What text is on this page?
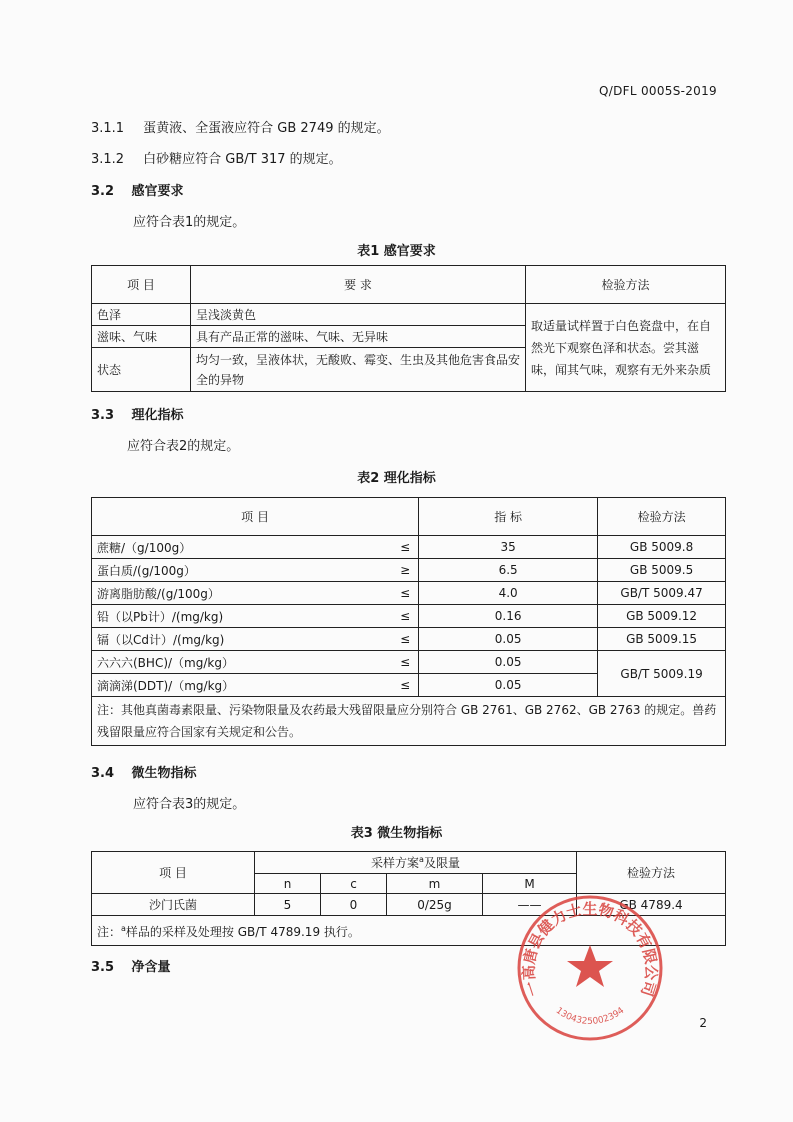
Q/DFL 0005S-2019
3.1.1 蛋黄液、全蛋液应符合 GB 2749 的规定。
3.1.2 白砂糖应符合 GB/T 317 的规定。
3.2 感官要求
应符合表1的规定。
表1 感官要求
项 目	要 求	检验方法
色泽	呈浅淡黄色	取适量试样置于白色瓷盘中，在自然光下观察色泽和状态。尝其滋味，闻其气味，观察有无外来杂质
滋味、气味	具有产品正常的滋味、气味、无异味	
状态	均匀一致，呈液体状，无酸败、霉变、生虫及其他危害食品安全的异物	
3.3 理化指标
应符合表2的规定。
表2 理化指标
项 目		指 标	检验方法
蔗糖/（g/100g）	≤	35	GB 5009.8
蛋白质/(g/100g）	≥	6.5	GB 5009.5
游离脂肪酸/(g/100g）	≤	4.0	GB/T 5009.47
铅（以Pb计）/(mg/kg)	≤	0.16	GB 5009.12
镉（以Cd计）/(mg/kg)	≤	0.05	GB 5009.15
六六六(BHC)/（mg/kg）	≤	0.05	GB/T 5009.19
滴滴涕(DDT)/（mg/kg）	≤	0.05	
注：其他真菌毒素限量、污染物限量及农药最大残留限量应分别符合 GB 2761、GB 2762、GB 2763 的规定。兽药残留限量应符合国家有关规定和公告。			
3.4 微生物指标
应符合表3的规定。
表3 微生物指标
项 目	采样方案$^a$及限量				检验方法
	n	c	m	M	
沙门氏菌	5	0	0/25g	——	GB 4789.4
注：$^a$样品的采样及处理按 GB/T 4789.19 执行。					
3.5 净含量
一高唐县健力士生物科技有限公司
1304325002394
2
